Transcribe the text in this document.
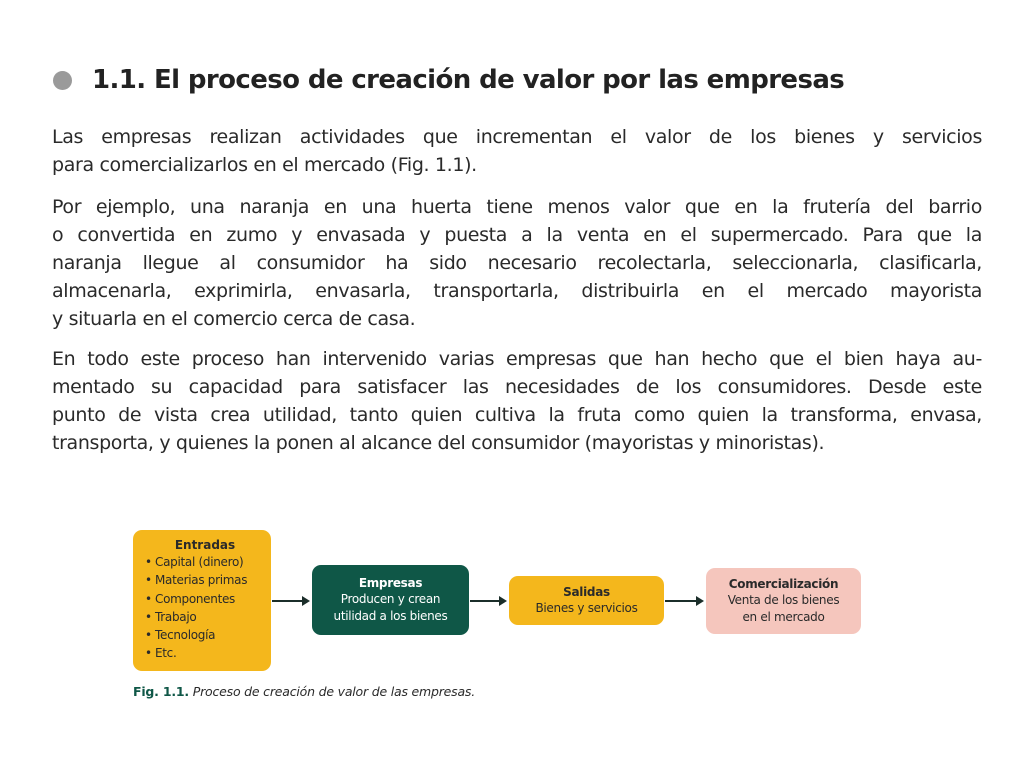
1.1. El proceso de creación de valor por las empresas

Las empresas realizan actividades que incrementan el valor de los bienes y servicios
para comercializarlos en el mercado (Fig. 1.1).

Por ejemplo, una naranja en una huerta tiene menos valor que en la frutería del barrio
o convertida en zumo y envasada y puesta a la venta en el supermercado. Para que la
naranja llegue al consumidor ha sido necesario recolectarla, seleccionarla, clasificarla,
almacenarla, exprimirla, envasarla, transportarla, distribuirla en el mercado mayorista
y situarla en el comercio cerca de casa.

En todo este proceso han intervenido varias empresas que han hecho que el bien haya au-
mentado su capacidad para satisfacer las necesidades de los consumidores. Desde este
punto de vista crea utilidad, tanto quien cultiva la fruta como quien la transforma, envasa,
transporta, y quienes la ponen al alcance del consumidor (mayoristas y minoristas).

Entradas
• Capital (dinero)
• Materias primas
• Componentes
• Trabajo
• Tecnología
• Etc.
Empresas
Producen y crean
utilidad a los bienes
Salidas
Bienes y servicios
Comercialización
Venta de los bienes
en el mercado
Fig. 1.1. Proceso de creación de valor de las empresas.
